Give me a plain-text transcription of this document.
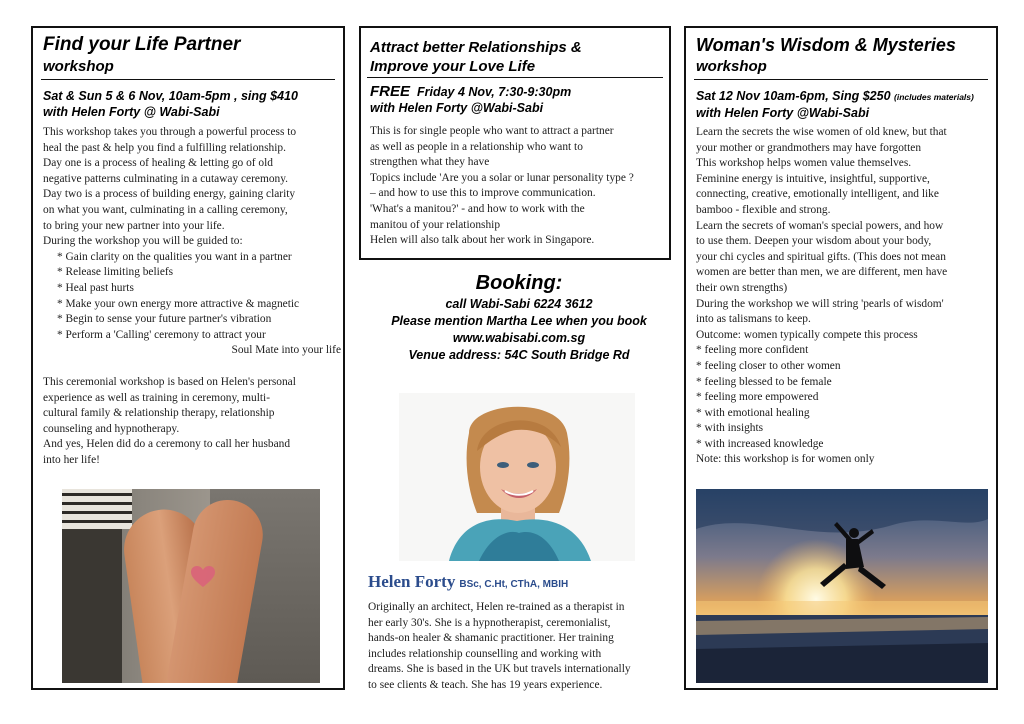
Find your Life Partner
workshop
Sat & Sun 5 & 6 Nov, 10am-5pm , sing $410
with Helen Forty @ Wabi-Sabi

This workshop takes you through a powerful process to

heal the past & help you find a fulfilling relationship.

Day one is a process of healing & letting go of old

negative patterns culminating in a cutaway ceremony.

Day two is a process of building energy, gaining clarity

on what you want, culminating in a calling ceremony,

to bring your new partner into your life.

During the workshop you will be guided to:

* Gain clarity on the qualities you want in a partner
* Release limiting beliefs
* Heal past hurts
* Make your own energy more attractive & magnetic
* Begin to sense your future partner's vibration
* Perform a 'Calling' ceremony to attract your

Soul Mate into your life

This ceremonial workshop is based on Helen's personal

experience as well as training in ceremony, multi-

cultural family & relationship therapy, relationship

counseling and hypnotherapy.

And yes, Helen did do a ceremony to call her husband

into her life!

Attract better Relationships &
Improve your Love Life
FREE Friday 4 Nov, 7:30-9:30pm
with Helen Forty @Wabi-Sabi

This is for single people who want to attract a partner

as well as people in a relationship who want to

strengthen what they have

Topics include 'Are you a solar or lunar personality type ?

– and how to use this to improve communication.

'What's a manitou?' - and how to work with the

manitou of your relationship

Helen will also talk about her work in Singapore.

Booking:
call Wabi-Sabi 6224 3612
Please mention Martha Lee when you book
www.wabisabi.com.sg
Venue address: 54C South Bridge Rd
Helen Forty BSc, C.Ht, CThA, MBIH

Originally an architect, Helen re-trained as a therapist in

her early 30's. She is a hypnotherapist, ceremonialist,

hands-on healer & shamanic practitioner. Her training

includes relationship counselling and working with

dreams. She is based in the UK but travels internationally

to see clients & teach. She has 19 years experience.

Woman's Wisdom & Mysteries
workshop
Sat 12 Nov 10am-6pm, Sing $250 (includes materials)
with Helen Forty @Wabi-Sabi

Learn the secrets the wise women of old knew, but that

your mother or grandmothers may have forgotten

This workshop helps women value themselves.

Feminine energy is intuitive, insightful, supportive,

connecting, creative, emotionally intelligent, and like

bamboo - flexible and strong.

Learn the secrets of woman's special powers, and how

to use them. Deepen your wisdom about your body,

your chi cycles and spiritual gifts. (This does not mean

women are better than men, we are different, men have

their own strengths)

During the workshop we will string 'pearls of wisdom'

into as talismans to keep.

Outcome: women typically compete this process

* feeling more confident
* feeling closer to other women
* feeling blessed to be female
* feeling more empowered
* with emotional healing
* with insights
* with increased knowledge

Note: this workshop is for women only
